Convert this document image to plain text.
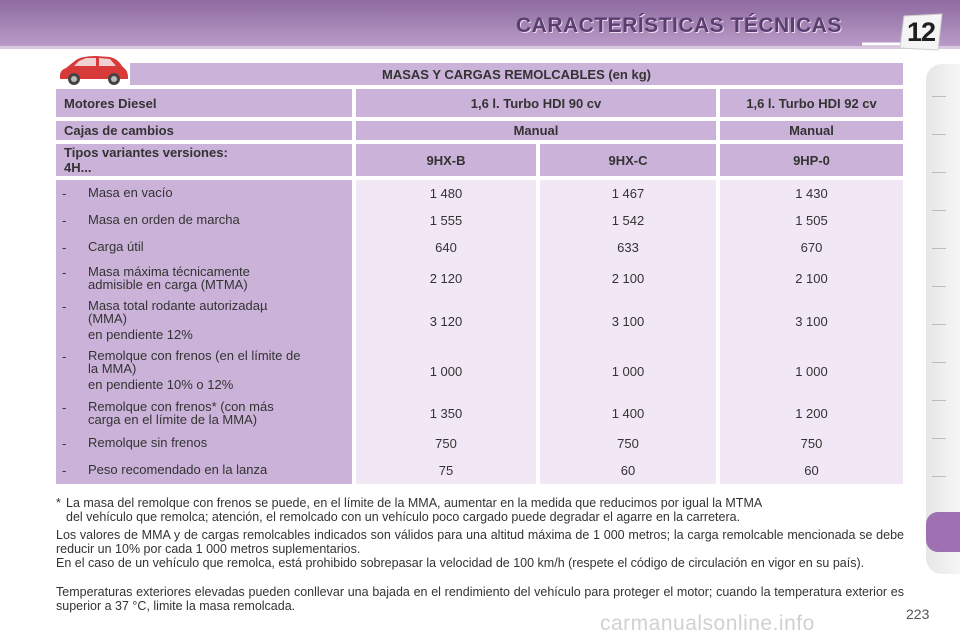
CARACTERÍSTICAS TÉCNICAS	12
MASAS Y CARGAS REMOLCABLES (en kg)
Motores Diesel	1,6 l. Turbo HDI 90 cv	1,6 l. Turbo HDI 92 cv
Cajas de cambios	Manual	Manual
Tipos variantes versiones:
4H...	9HX-B	9HX-C	9HP-0
- Masa en vacío	1 480	1 467	1 430
- Masa en orden de marcha	1 555	1 542	1 505
- Carga útil	640	633	670
- Masa máxima técnicamente
admisible en carga (MTMA)	2 120	2 100	2 100
- Masa total rodante autorizadaµ
(MMA)
en pendiente 12%
3 120	3 100	3 100
- Remolque con frenos (en el límite de
la MMA)
en pendiente 10% o 12%
1 000	1 000	1 000
- Remolque con frenos* (con más
carga en el límite de la MMA)	1 350	1 400	1 200
- Remolque sin frenos	750	750	750
- Peso recomendado en la lanza	75	60	60
* La masa del remolque con frenos se puede, en el límite de la MMA, aumentar en la medida que reducimos por igual la MTMA
del vehículo que remolca; atención, el remolcado con un vehículo poco cargado puede degradar el agarre en la carretera.
Los valores de MMA y de cargas remolcables indicados son válidos para una altitud máxima de 1 000 metros; la carga remolcable mencionada se debe reducir un 10% por cada 1 000 metros suplementarios.
En el caso de un vehículo que remolca, está prohibido sobrepasar la velocidad de 100 km/h (respete el código de circulación en vigor en su país).
Temperaturas exteriores elevadas pueden conllevar una bajada en el rendimiento del vehículo para proteger el motor; cuando la temperatura exterior es superior a 37 °C, limite la masa remolcada.
carmanualsonline.info	223
